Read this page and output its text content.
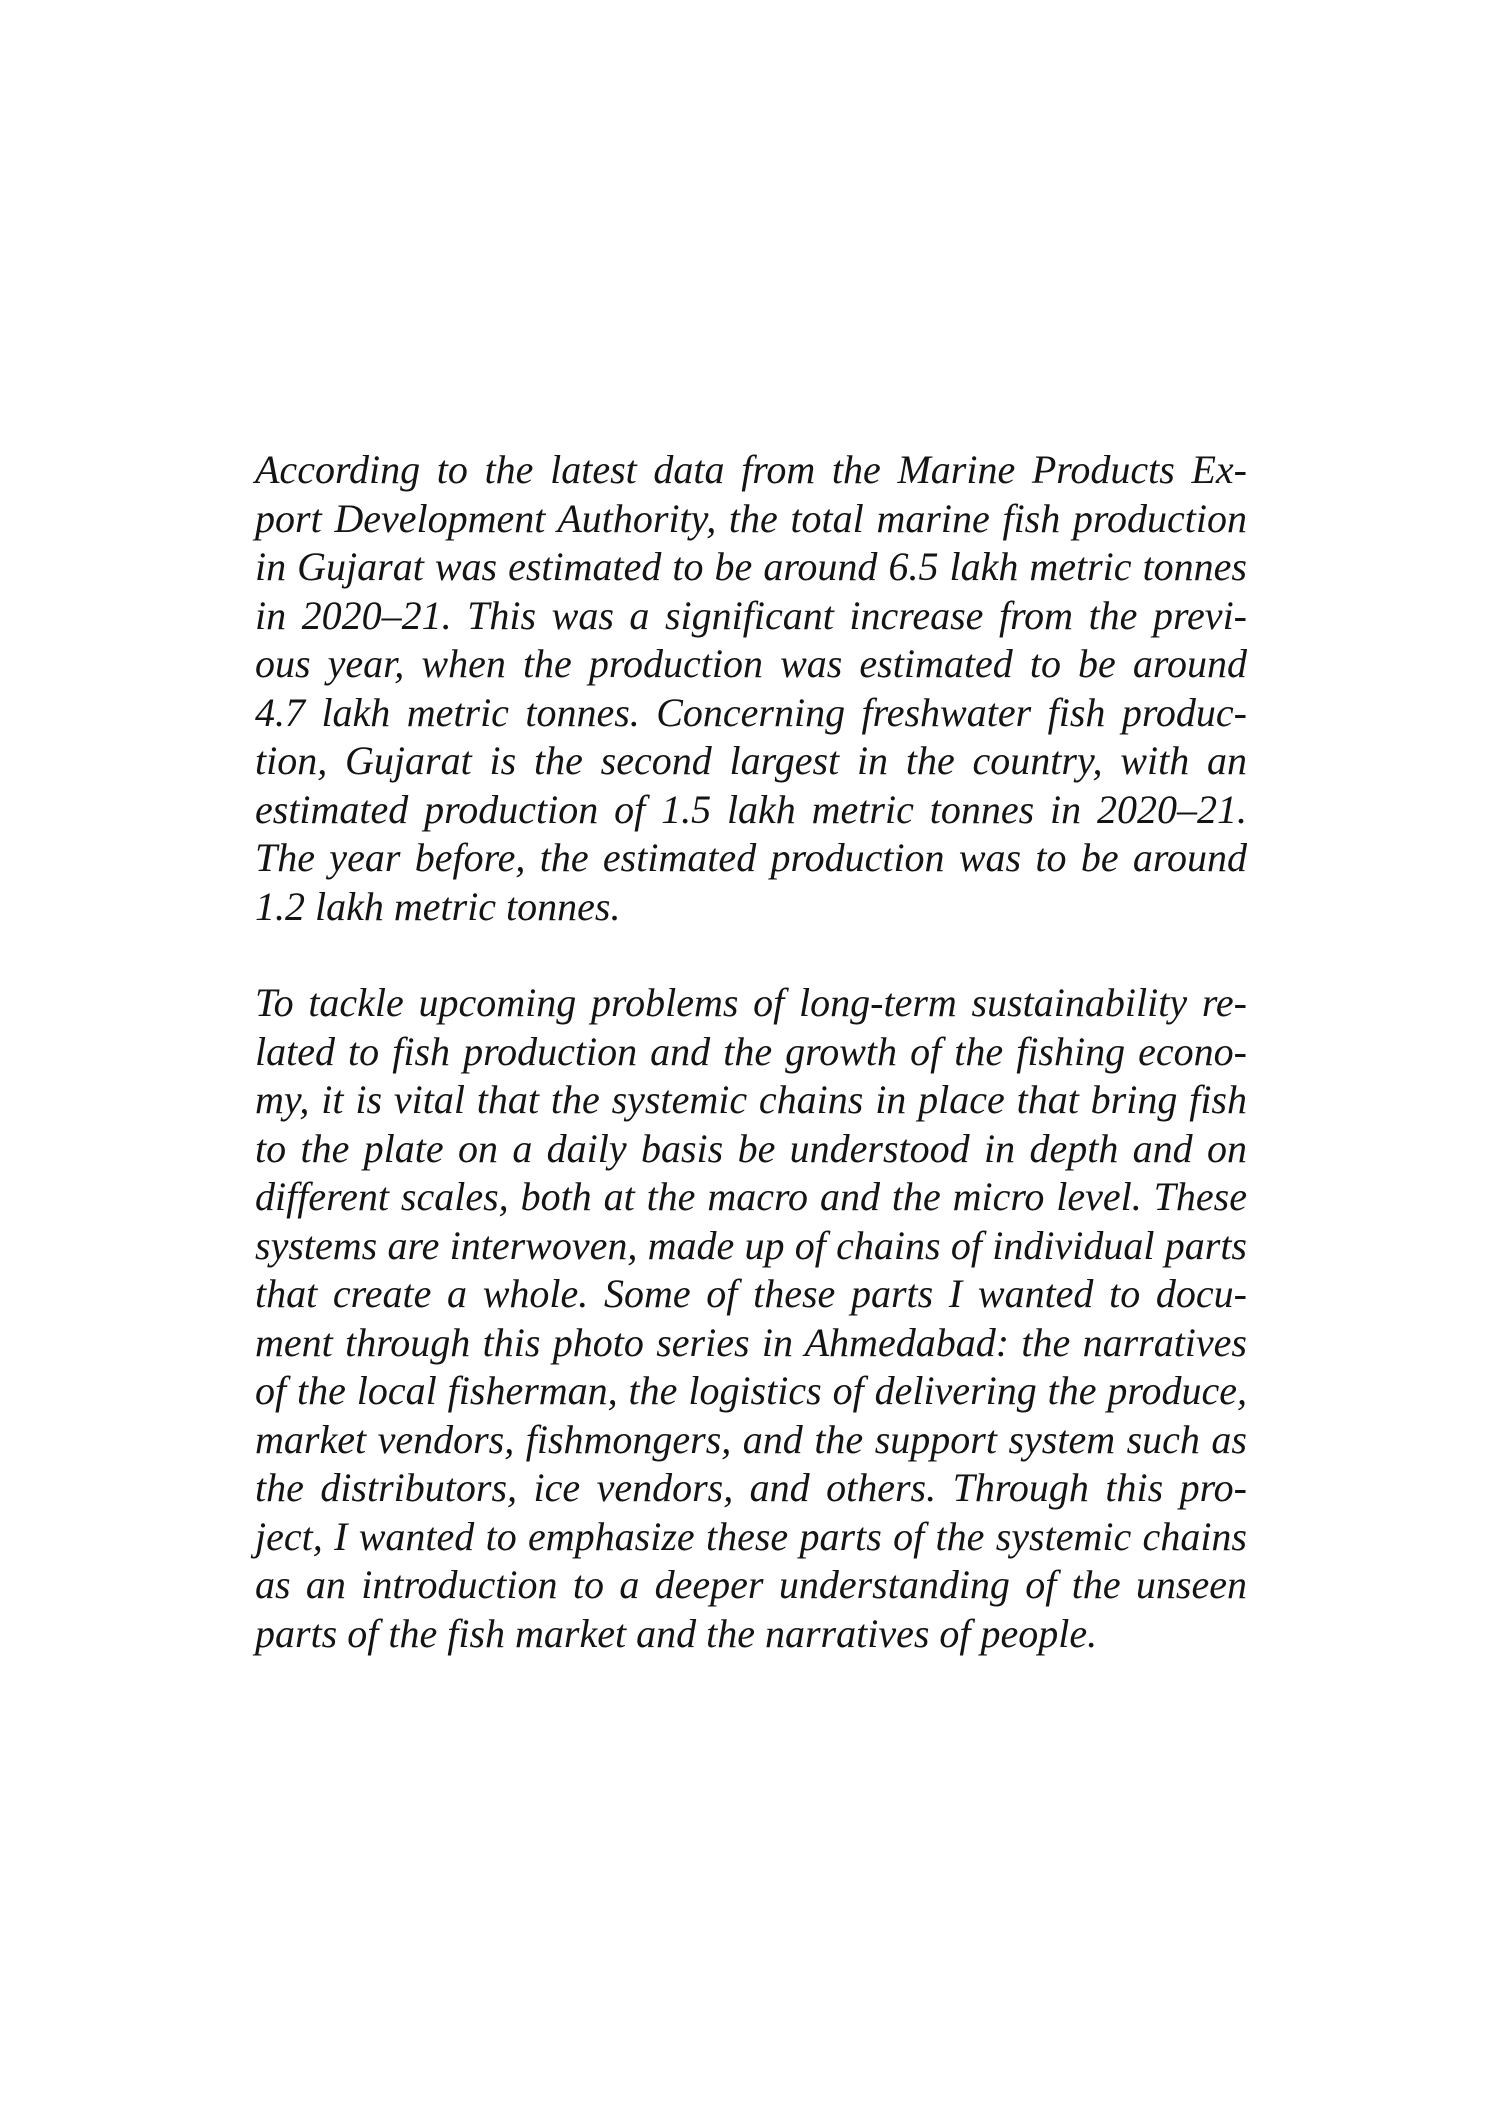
According to the latest data from the Marine Products Ex-
port Development Authority, the total marine fish production
in Gujarat was estimated to be around 6.5 lakh metric tonnes
in 2020–21. This was a significant increase from the previ-
ous year, when the production was estimated to be around
4.7 lakh metric tonnes. Concerning freshwater fish produc-
tion, Gujarat is the second largest in the country, with an
estimated production of 1.5 lakh metric tonnes in 2020–21.
The year before, the estimated production was to be around
1.2 lakh metric tonnes.
To tackle upcoming problems of long-term sustainability re-
lated to fish production and the growth of the fishing econo-
my, it is vital that the systemic chains in place that bring fish
to the plate on a daily basis be understood in depth and on
different scales, both at the macro and the micro level. These
systems are interwoven, made up of chains of individual parts
that create a whole. Some of these parts I wanted to docu-
ment through this photo series in Ahmedabad: the narratives
of the local fisherman, the logistics of delivering the produce,
market vendors, fishmongers, and the support system such as
the distributors, ice vendors, and others. Through this pro-
ject, I wanted to emphasize these parts of the systemic chains
as an introduction to a deeper understanding of the unseen
parts of the fish market and the narratives of people.
